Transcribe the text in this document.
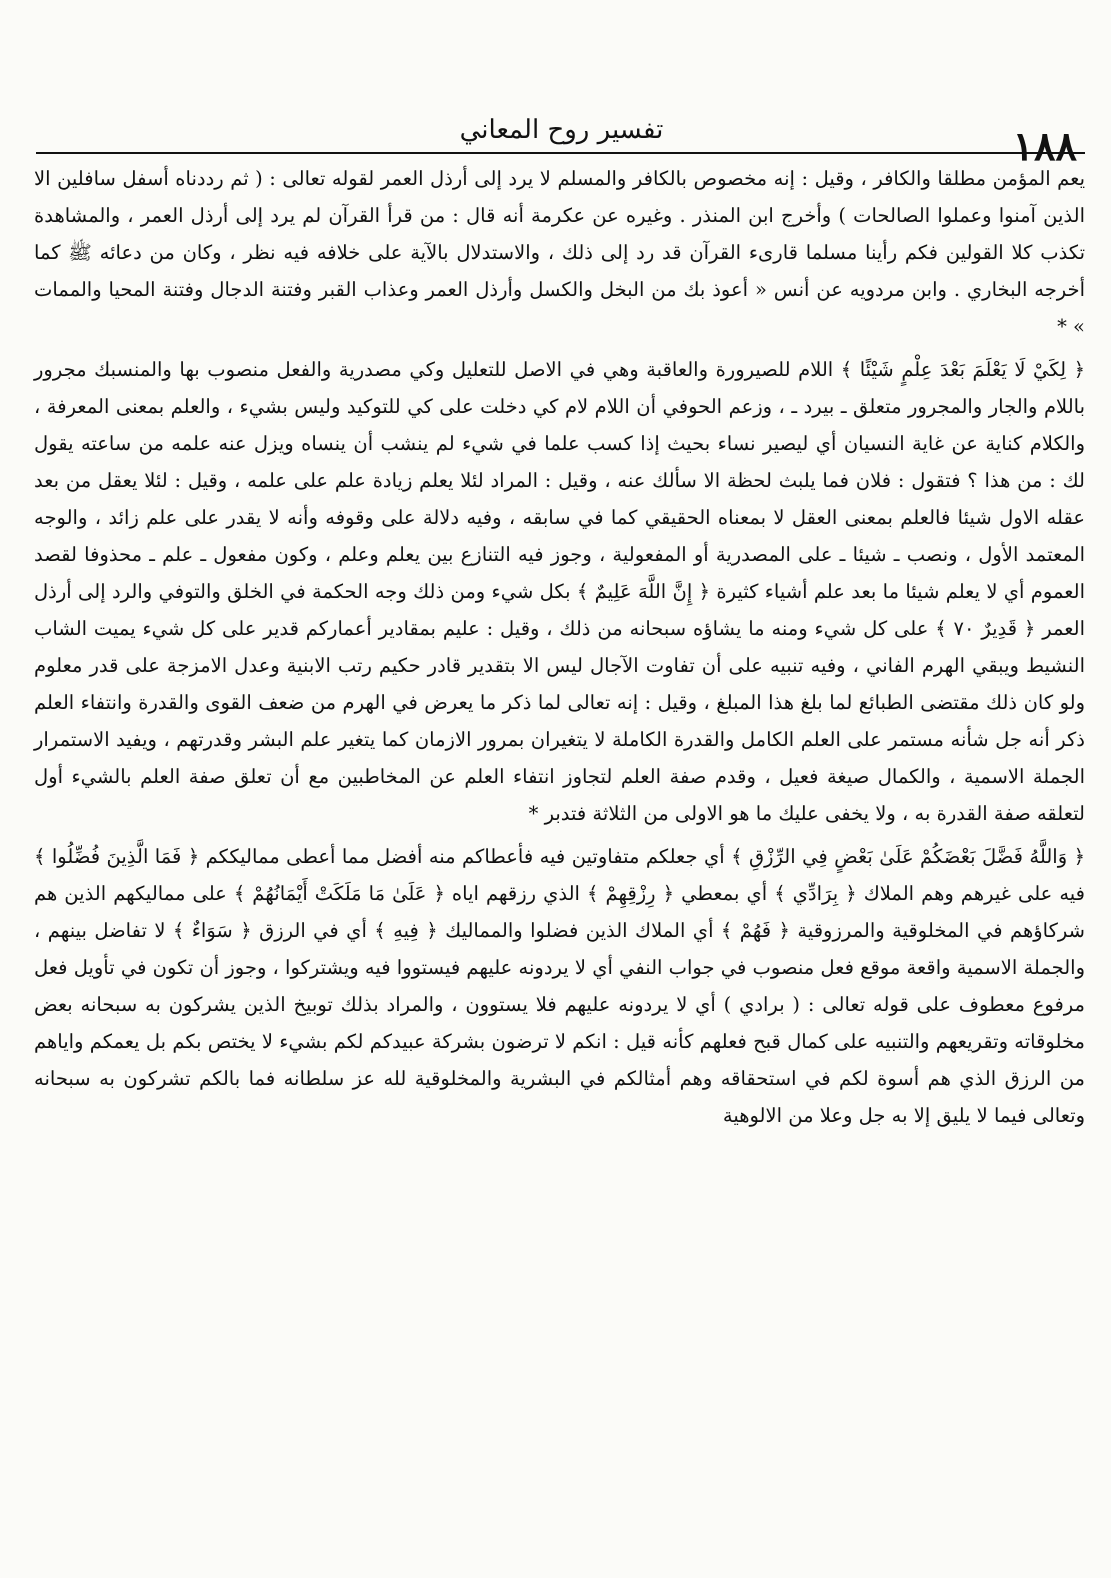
١٨٨
تفسير روح المعاني

يعم المؤمن مطلقا والكافر ، وقيل : إنه مخصوص بالكافر والمسلم لا يرد إلى أرذل العمر لقوله تعالى : ( ثم رددناه أسفل سافلين الا الذين آمنوا وعملوا الصالحات ) وأخرج ابن المنذر . وغيره عن عكرمة أنه قال : من قرأ القرآن لم يرد إلى أرذل العمر ، والمشاهدة تكذب كلا القولين فكم رأينا مسلما قارىء القرآن قد رد إلى ذلك ، والاستدلال بالآية على خلافه فيه نظر ، وكان من دعائه ﷺ كما أخرجه البخاري . وابن مردويه عن أنس « أعوذ بك من البخل والكسل وأرذل العمر وعذاب القبر وفتنة الدجال وفتنة المحيا والممات » *

﴿ لِكَيْ لَا يَعْلَمَ بَعْدَ عِلْمٍ شَيْئًا ﴾ اللام للصيرورة والعاقبة وهي في الاصل للتعليل وكي مصدرية والفعل منصوب بها والمنسبك مجرور باللام والجار والمجرور متعلق ـ بيرد ـ ، وزعم الحوفي أن اللام لام كي دخلت على كي للتوكيد وليس بشيء ، والعلم بمعنى المعرفة ، والكلام كناية عن غاية النسيان أي ليصير نساء بحيث إذا كسب علما في شيء لم ينشب أن ينساه ويزل عنه علمه من ساعته يقول لك : من هذا ؟ فتقول : فلان فما يلبث لحظة الا سألك عنه ، وقيل : المراد لئلا يعلم زيادة علم على علمه ، وقيل : لئلا يعقل من بعد عقله الاول شيئا فالعلم بمعنى العقل لا بمعناه الحقيقي كما في سابقه ، وفيه دلالة على وقوفه وأنه لا يقدر على علم زائد ، والوجه المعتمد الأول ، ونصب ـ شيئا ـ على المصدرية أو المفعولية ، وجوز فيه التنازع بين يعلم وعلم ، وكون مفعول ـ علم ـ محذوفا لقصد العموم أي لا يعلم شيئا ما بعد علم أشياء كثيرة ﴿ إِنَّ اللَّهَ عَلِيمٌ ﴾ بكل شيء ومن ذلك وجه الحكمة في الخلق والتوفي والرد إلى أرذل العمر ﴿ قَدِيرٌ ٧٠ ﴾ على كل شيء ومنه ما يشاؤه سبحانه من ذلك ، وقيل : عليم بمقادير أعماركم قدير على كل شيء يميت الشاب النشيط ويبقي الهرم الفاني ، وفيه تنبيه على أن تفاوت الآجال ليس الا بتقدير قادر حكيم رتب الابنية وعدل الامزجة على قدر معلوم ولو كان ذلك مقتضى الطبائع لما بلغ هذا المبلغ ، وقيل : إنه تعالى لما ذكر ما يعرض في الهرم من ضعف القوى والقدرة وانتفاء العلم ذكر أنه جل شأنه مستمر على العلم الكامل والقدرة الكاملة لا يتغيران بمرور الازمان كما يتغير علم البشر وقدرتهم ، ويفيد الاستمرار الجملة الاسمية ، والكمال صيغة فعيل ، وقدم صفة العلم لتجاوز انتفاء العلم عن المخاطبين مع أن تعلق صفة العلم بالشيء أول لتعلقه صفة القدرة به ، ولا يخفى عليك ما هو الاولى من الثلاثة فتدبر *

﴿ وَاللَّهُ فَضَّلَ بَعْضَكُمْ عَلَىٰ بَعْضٍ فِي الرِّزْقِ ﴾ أي جعلكم متفاوتين فيه فأعطاكم منه أفضل مما أعطى مماليككم ﴿ فَمَا الَّذِينَ فُضِّلُوا ﴾ فيه على غيرهم وهم الملاك ﴿ بِرَادِّي ﴾ أي بمعطي ﴿ رِزْقِهِمْ ﴾ الذي رزقهم اياه ﴿ عَلَىٰ مَا مَلَكَتْ أَيْمَانُهُمْ ﴾ على مماليكهم الذين هم شركاؤهم في المخلوقية والمرزوقية ﴿ فَهُمْ ﴾ أي الملاك الذين فضلوا والمماليك ﴿ فِيهِ ﴾ أي في الرزق ﴿ سَوَاءٌ ﴾ لا تفاضل بينهم ، والجملة الاسمية واقعة موقع فعل منصوب في جواب النفي أي لا يردونه عليهم فيستووا فيه ويشتركوا ، وجوز أن تكون في تأويل فعل مرفوع معطوف على قوله تعالى : ( برادي ) أي لا يردونه عليهم فلا يستوون ، والمراد بذلك توبيخ الذين يشركون به سبحانه بعض مخلوقاته وتقريعهم والتنبيه على كمال قبح فعلهم كأنه قيل : انكم لا ترضون بشركة عبيدكم لكم بشيء لا يختص بكم بل يعمكم واياهم من الرزق الذي هم أسوة لكم في استحقاقه وهم أمثالكم في البشرية والمخلوقية لله عز سلطانه فما بالكم تشركون به سبحانه وتعالى فيما لا يليق إلا به جل وعلا من الالوهية
